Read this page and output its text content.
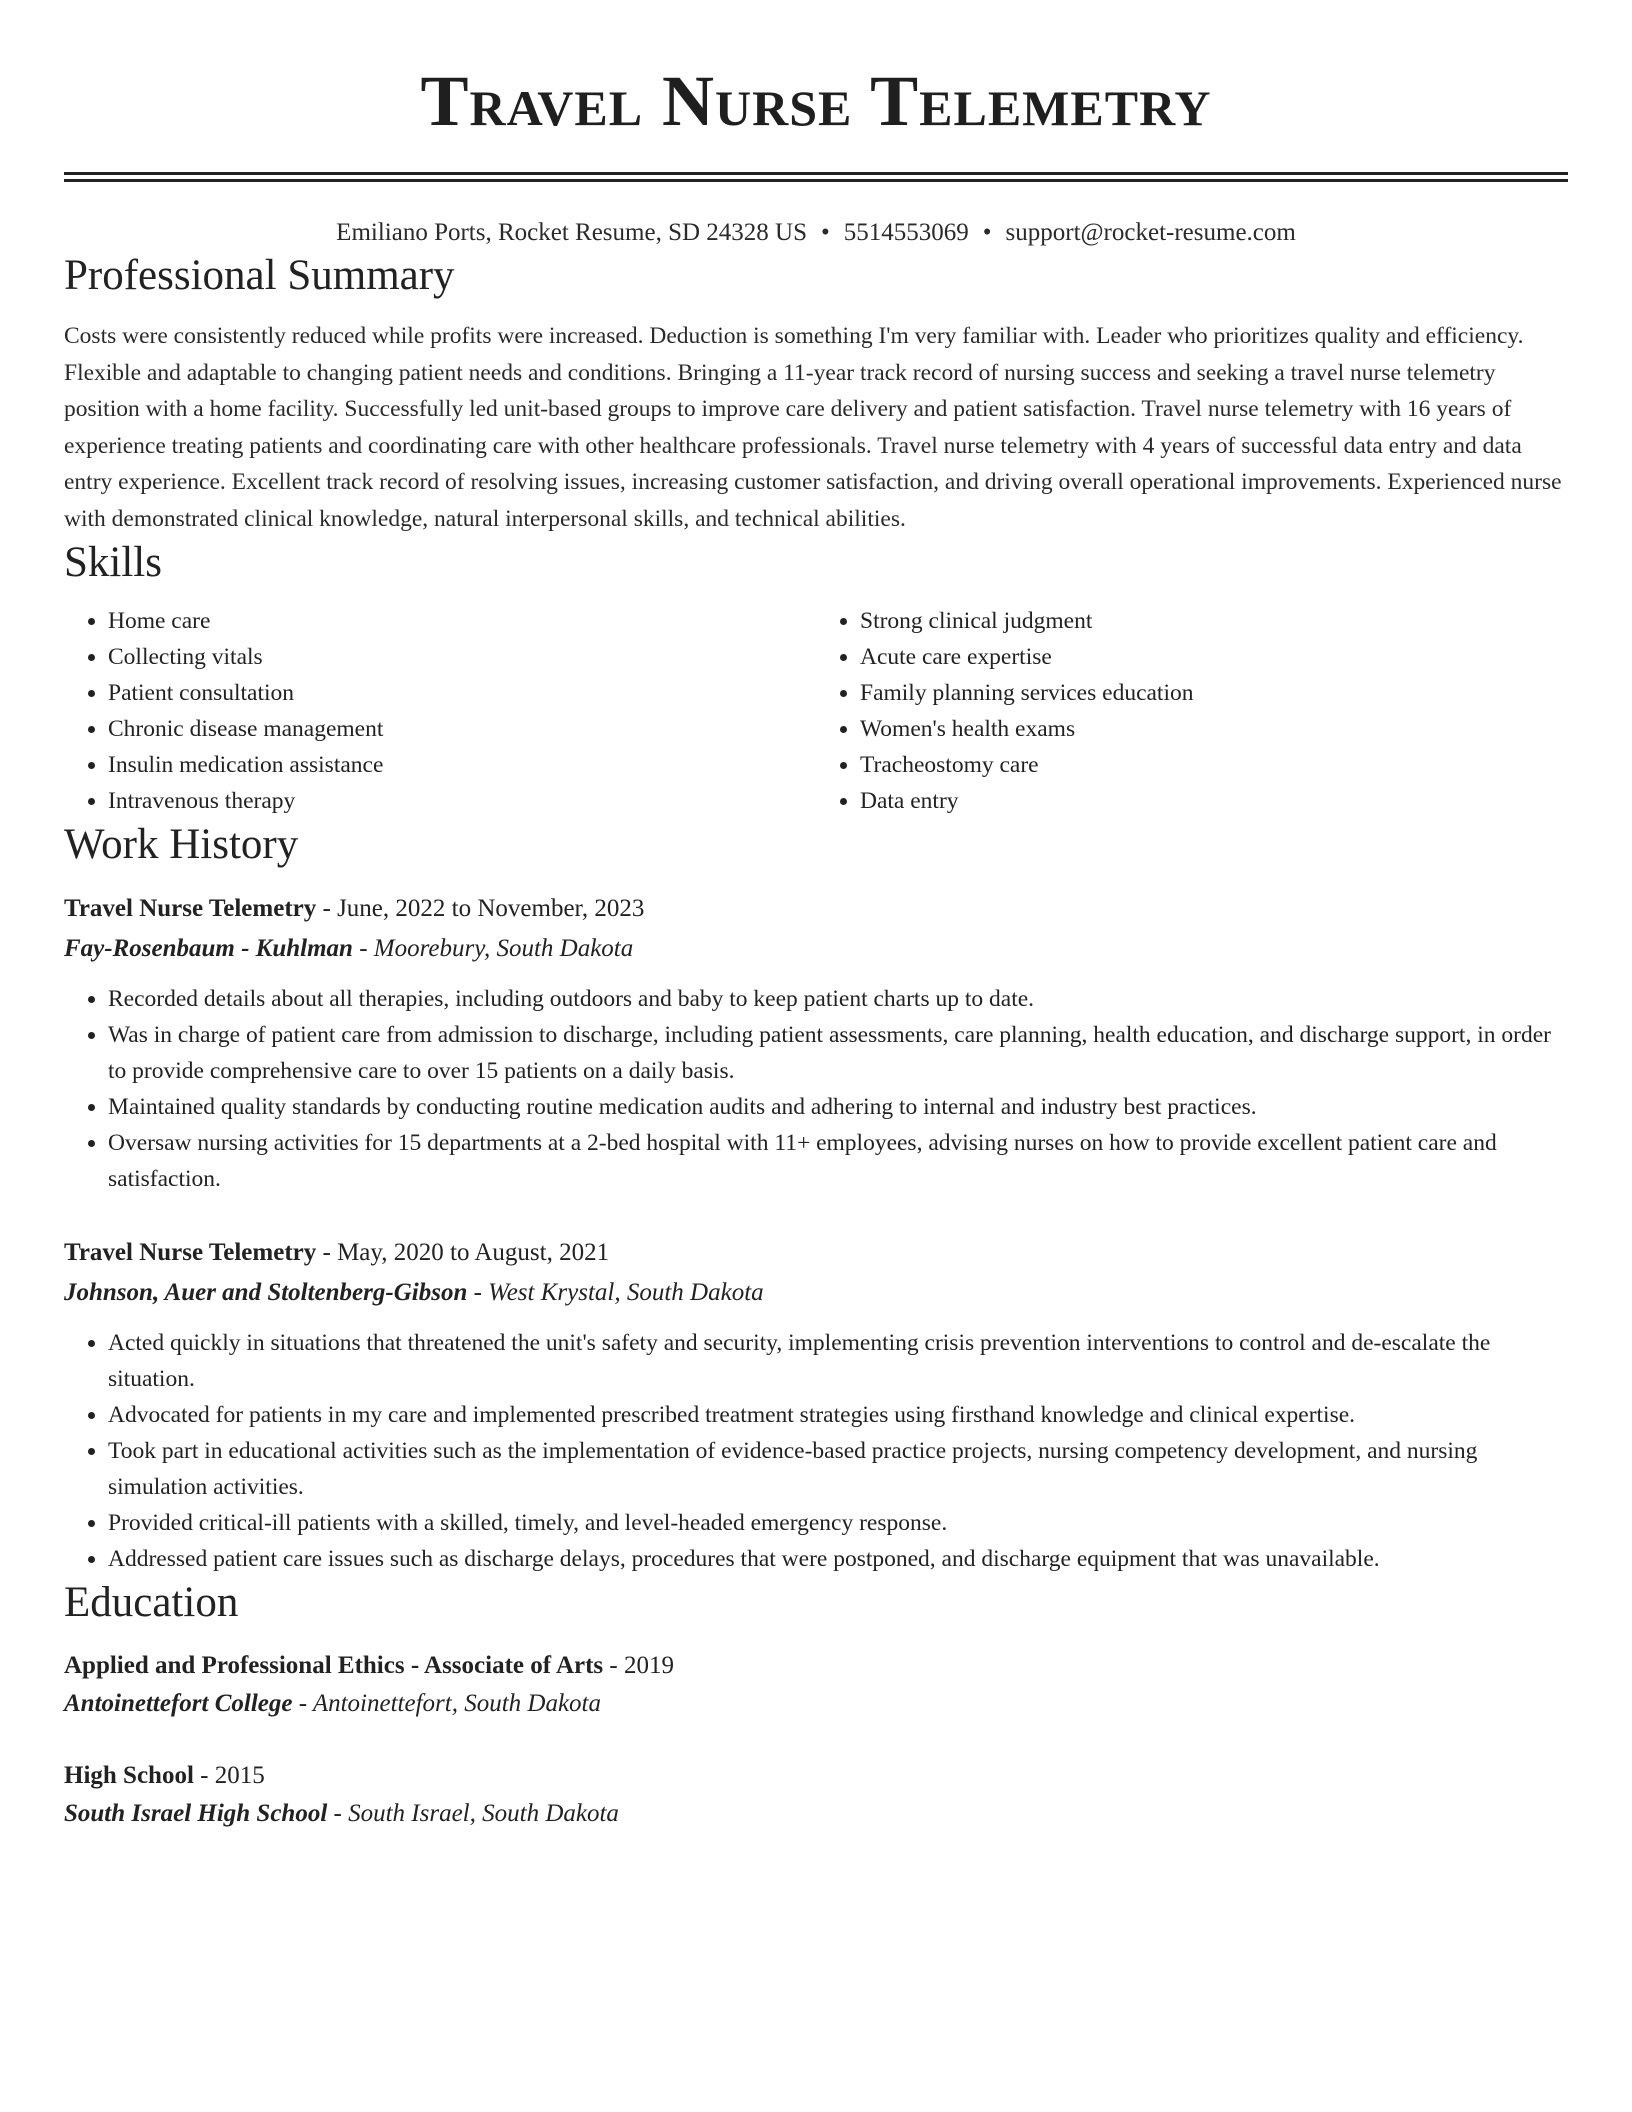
Travel Nurse Telemetry
Emiliano Ports, Rocket Resume, SD 24328 US • 5514553069 • support@rocket-resume.com
Professional Summary
Costs were consistently reduced while profits were increased. Deduction is something I'm very familiar with. Leader who prioritizes quality and efficiency. Flexible and adaptable to changing patient needs and conditions. Bringing a 11-year track record of nursing success and seeking a travel nurse telemetry position with a home facility. Successfully led unit-based groups to improve care delivery and patient satisfaction. Travel nurse telemetry with 16 years of experience treating patients and coordinating care with other healthcare professionals. Travel nurse telemetry with 4 years of successful data entry and data entry experience. Excellent track record of resolving issues, increasing customer satisfaction, and driving overall operational improvements. Experienced nurse with demonstrated clinical knowledge, natural interpersonal skills, and technical abilities.
Skills
• Home care
• Collecting vitals
• Patient consultation
• Chronic disease management
• Insulin medication assistance
• Intravenous therapy
• Strong clinical judgment
• Acute care expertise
• Family planning services education
• Women's health exams
• Tracheostomy care
• Data entry
Work History
Travel Nurse Telemetry - June, 2022 to November, 2023
Fay-Rosenbaum - Kuhlman - Moorebury, South Dakota
• Recorded details about all therapies, including outdoors and baby to keep patient charts up to date.
• Was in charge of patient care from admission to discharge, including patient assessments, care planning, health education, and discharge support, in order to provide comprehensive care to over 15 patients on a daily basis.
• Maintained quality standards by conducting routine medication audits and adhering to internal and industry best practices.
• Oversaw nursing activities for 15 departments at a 2-bed hospital with 11+ employees, advising nurses on how to provide excellent patient care and satisfaction.
Travel Nurse Telemetry - May, 2020 to August, 2021
Johnson, Auer and Stoltenberg-Gibson - West Krystal, South Dakota
• Acted quickly in situations that threatened the unit's safety and security, implementing crisis prevention interventions to control and de-escalate the situation.
• Advocated for patients in my care and implemented prescribed treatment strategies using firsthand knowledge and clinical expertise.
• Took part in educational activities such as the implementation of evidence-based practice projects, nursing competency development, and nursing simulation activities.
• Provided critical-ill patients with a skilled, timely, and level-headed emergency response.
• Addressed patient care issues such as discharge delays, procedures that were postponed, and discharge equipment that was unavailable.
Education
Applied and Professional Ethics - Associate of Arts - 2019
Antoinettefort College - Antoinettefort, South Dakota
High School - 2015
South Israel High School - South Israel, South Dakota
